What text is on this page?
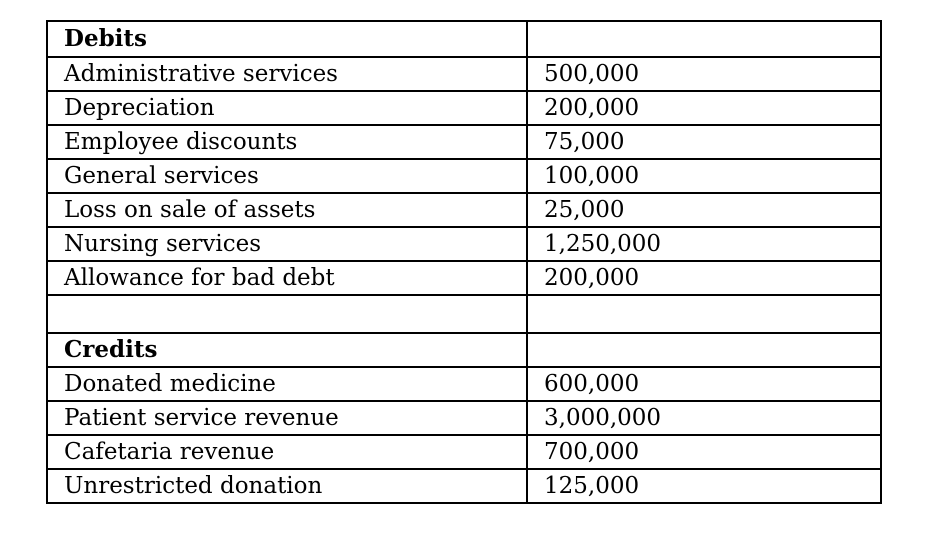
Debits	
Administrative services	500,000
Depreciation	200,000
Employee discounts	75,000
General services	100,000
Loss on sale of assets	25,000
Nursing services	1,250,000
Allowance for bad debt	200,000

Credits	
Donated medicine	600,000
Patient service revenue	3,000,000
Cafetaria revenue	700,000
Unrestricted donation	125,000
